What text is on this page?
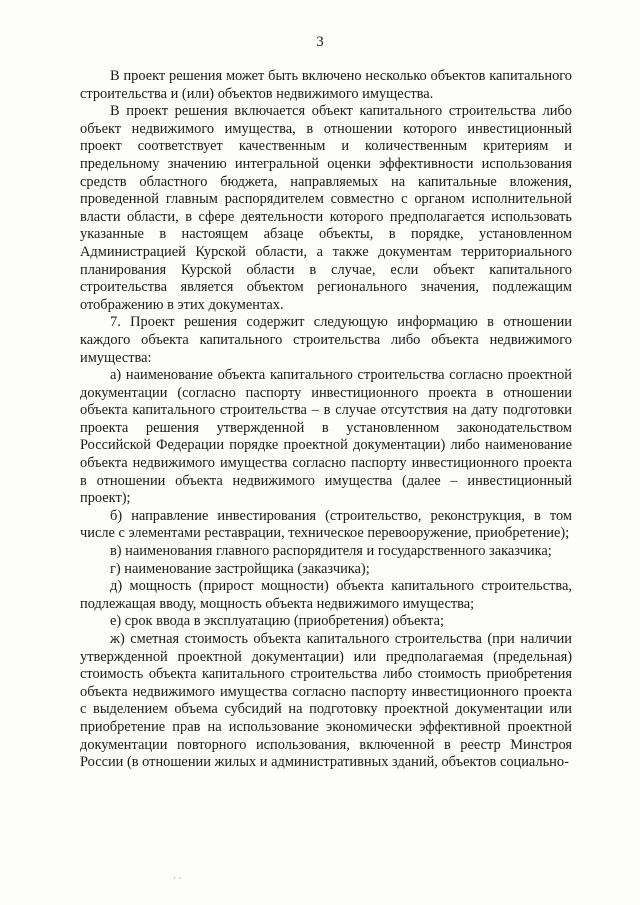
3

В проект решения может быть включено несколько объектов капитального строительства и (или) объектов недвижимого имущества.

В проект решения включается объект капитального строительства либо объект недвижимого имущества, в отношении которого инвестиционный проект соответствует качественным и количественным критериям и предельному значению интегральной оценки эффективности использования средств областного бюджета, направляемых на капитальные вложения, проведенной главным распорядителем совместно с органом исполнительной власти области, в сфере деятельности которого предполагается использовать указанные в настоящем абзаце объекты, в порядке, установленном Администрацией Курской области, а также документам территориального планирования Курской области в случае, если объект капитального строительства является объектом регионального значения, подлежащим отображению в этих документах.

7. Проект решения содержит следующую информацию в отношении каждого объекта капитального строительства либо объекта недвижимого имущества:

а) наименование объекта капитального строительства согласно проектной документации (согласно паспорту инвестиционного проекта в отношении объекта капитального строительства – в случае отсутствия на дату подготовки проекта решения утвержденной в установленном законодательством Российской Федерации порядке проектной документации) либо наименование объекта недвижимого имущества согласно паспорту инвестиционного проекта в отношении объекта недвижимого имущества (далее – инвестиционный проект);

б) направление инвестирования (строительство, реконструкция, в том числе с элементами реставрации, техническое перевооружение, приобретение);

в) наименования главного распорядителя и государственного заказчика;

г) наименование застройщика (заказчика);

д) мощность (прирост мощности) объекта капитального строительства, подлежащая вводу, мощность объекта недвижимого имущества;

е) срок ввода в эксплуатацию (приобретения) объекта;

ж) сметная стоимость объекта капитального строительства (при наличии утвержденной проектной документации) или предполагаемая (предельная) стоимость объекта капитального строительства либо стоимость приобретения объекта недвижимого имущества согласно паспорту инвестиционного проекта с выделением объема субсидий на подготовку проектной документации или приобретение прав на использование экономически эффективной проектной документации повторного использования, включенной в реестр Минстроя России (в отношении жилых и административных зданий, объектов социально-

· ·
